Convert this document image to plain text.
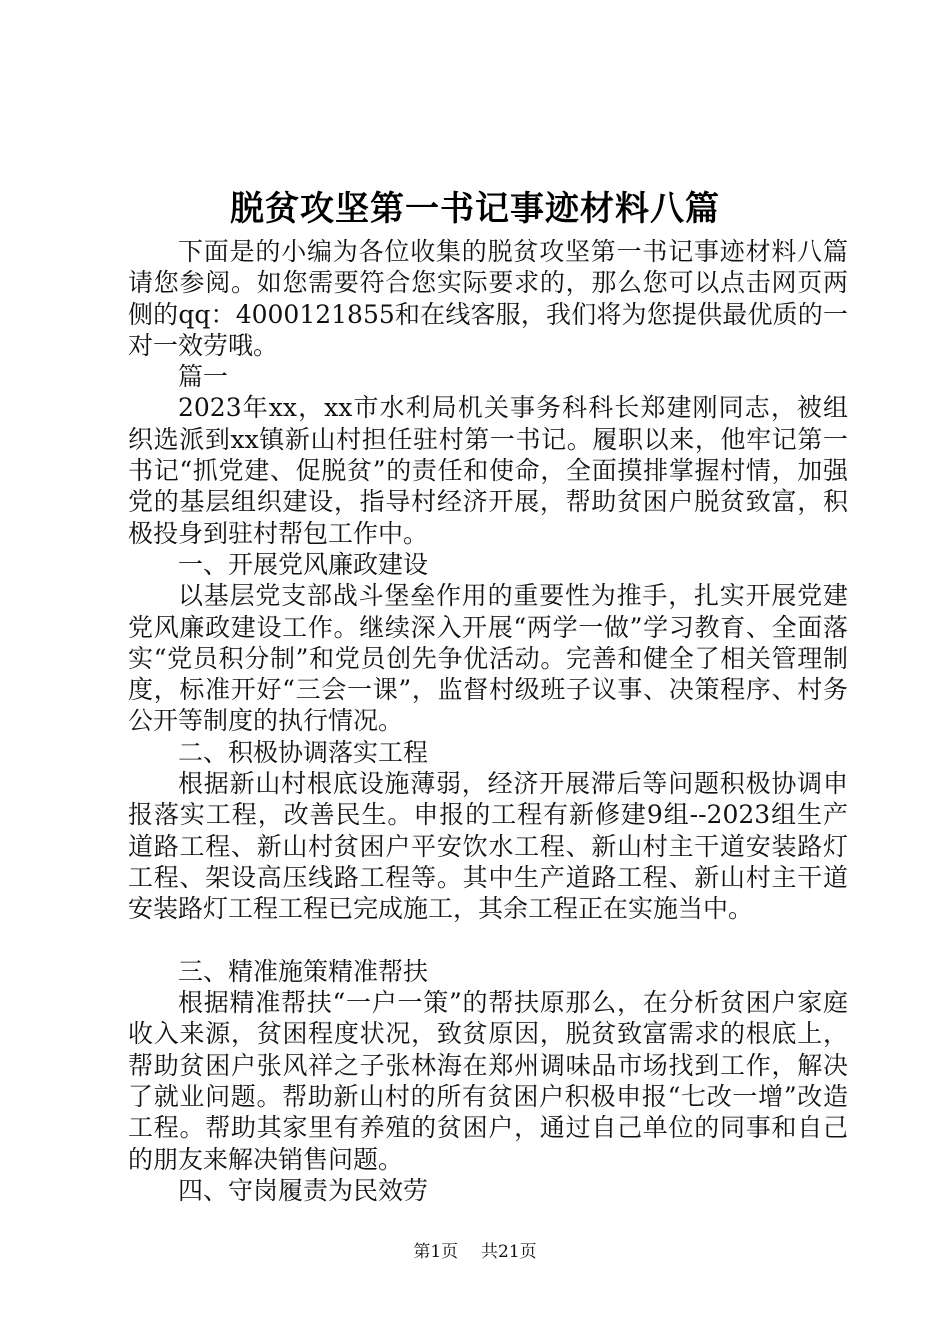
脱贫攻坚第一书记事迹材料八篇

下面是的小编为各位收集的脱贫攻坚第一书记事迹材料八篇请您参阅。如您需要符合您实际要求的，那么您可以点击网页两侧的qq：4000121855和在线客服，我们将为您提供最优质的一对一效劳哦。

篇一

2023年xx，xx市水利局机关事务科科长郑建刚同志，被组织选派到xx镇新山村担任驻村第一书记。履职以来，他牢记第一书记“抓党建、促脱贫”的责任和使命，全面摸排掌握村情，加强党的基层组织建设，指导村经济开展，帮助贫困户脱贫致富，积极投身到驻村帮包工作中。

一、开展党风廉政建设

以基层党支部战斗堡垒作用的重要性为推手，扎实开展党建党风廉政建设工作。继续深入开展“两学一做”学习教育、全面落实“党员积分制”和党员创先争优活动。完善和健全了相关管理制度，标准开好“三会一课”，监督村级班子议事、决策程序、村务公开等制度的执行情况。

二、积极协调落实工程

根据新山村根底设施薄弱，经济开展滞后等问题积极协调申报落实工程，改善民生。申报的工程有新修建9组--2023组生产道路工程、新山村贫困户平安饮水工程、新山村主干道安装路灯工程、架设高压线路工程等。其中生产道路工程、新山村主干道安装路灯工程工程已完成施工，其余工程正在实施当中。

三、精准施策精准帮扶

根据精准帮扶“一户一策”的帮扶原那么，在分析贫困户家庭收入来源，贫困程度状况，致贫原因，脱贫致富需求的根底上，帮助贫困户张风祥之子张林海在郑州调味品市场找到工作，解决了就业问题。帮助新山村的所有贫困户积极申报“七改一增”改造工程。帮助其家里有养殖的贫困户，通过自己单位的同事和自己的朋友来解决销售问题。

四、守岗履责为民效劳

第1页 共21页
